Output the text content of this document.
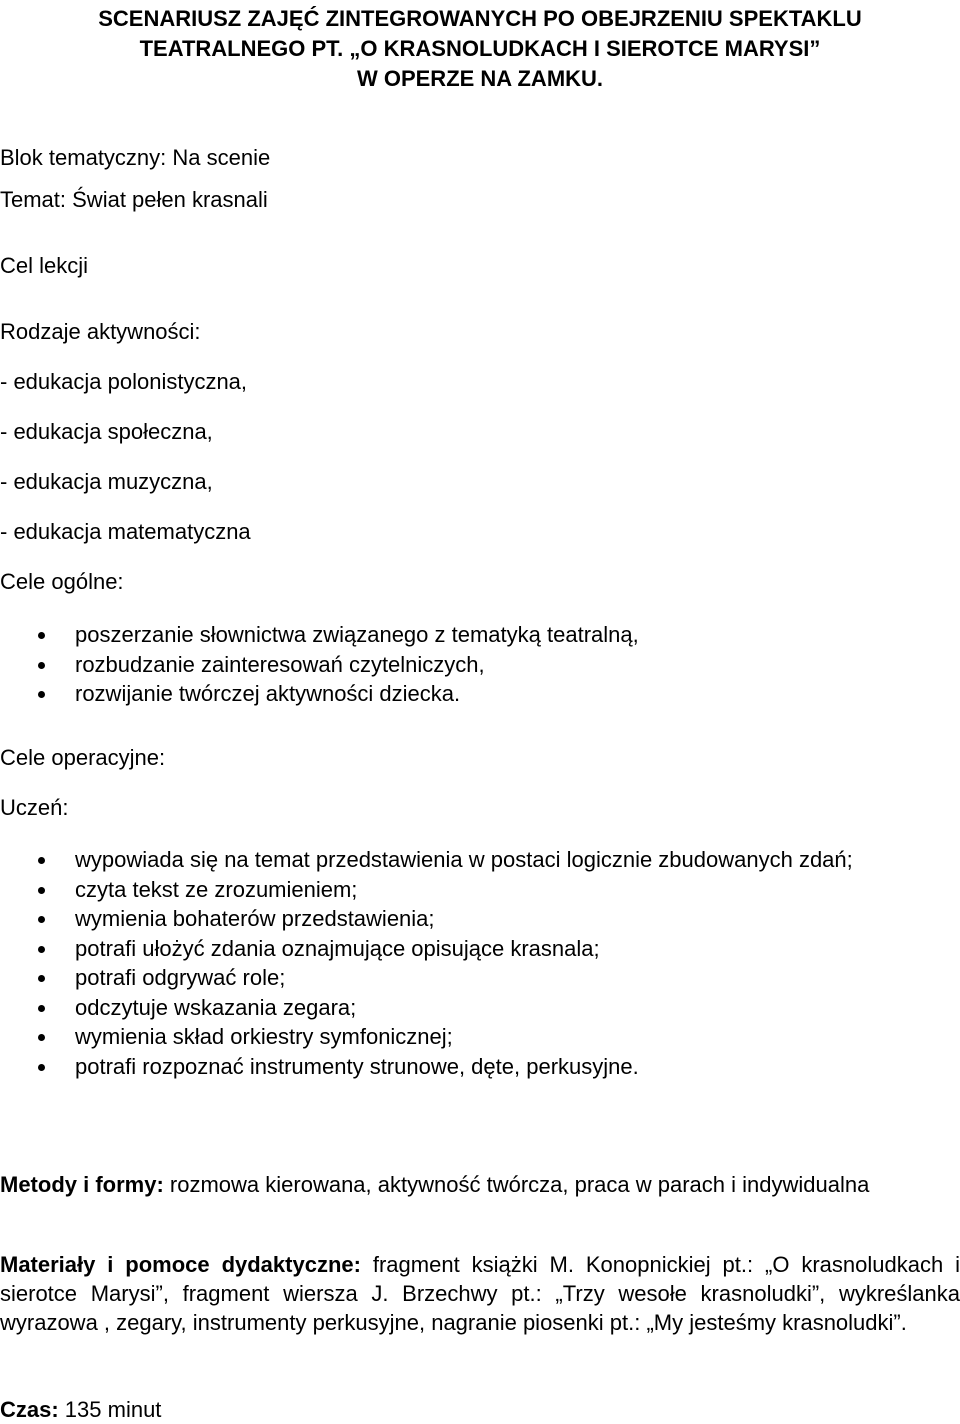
SCENARIUSZ ZAJĘĆ ZINTEGROWANYCH PO OBEJRZENIU SPEKTAKLU
TEATRALNEGO PT. „O KRASNOLUDKACH I SIEROTCE MARYSI”
W OPERZE NA ZAMKU.
Blok tematyczny: Na scenie
Temat: Świat pełen krasnali
Cel lekcji
Rodzaje aktywności:
- edukacja polonistyczna,
- edukacja społeczna,
- edukacja muzyczna,
- edukacja matematyczna
Cele ogólne:
poszerzanie słownictwa związanego z tematyką teatralną,
rozbudzanie zainteresowań czytelniczych,
rozwijanie twórczej aktywności dziecka.
Cele operacyjne:
Uczeń:
wypowiada się na temat przedstawienia w postaci logicznie zbudowanych zdań;
czyta tekst ze zrozumieniem;
wymienia bohaterów przedstawienia;
potrafi ułożyć zdania oznajmujące opisujące krasnala;
potrafi odgrywać role;
odczytuje wskazania zegara;
wymienia skład orkiestry symfonicznej;
potrafi rozpoznać instrumenty strunowe, dęte, perkusyjne.
Metody i formy: rozmowa kierowana, aktywność twórcza, praca w parach i indywidualna
Materiały i pomoce dydaktyczne: fragment książki M. Konopnickiej pt.: „O krasnoludkach i sierotce Marysi”, fragment wiersza J. Brzechwy pt.: „Trzy wesołe krasnoludki”, wykreślanka wyrazowa , zegary, instrumenty perkusyjne, nagranie piosenki pt.: „My jesteśmy krasnoludki”.
Czas: 135 minut
